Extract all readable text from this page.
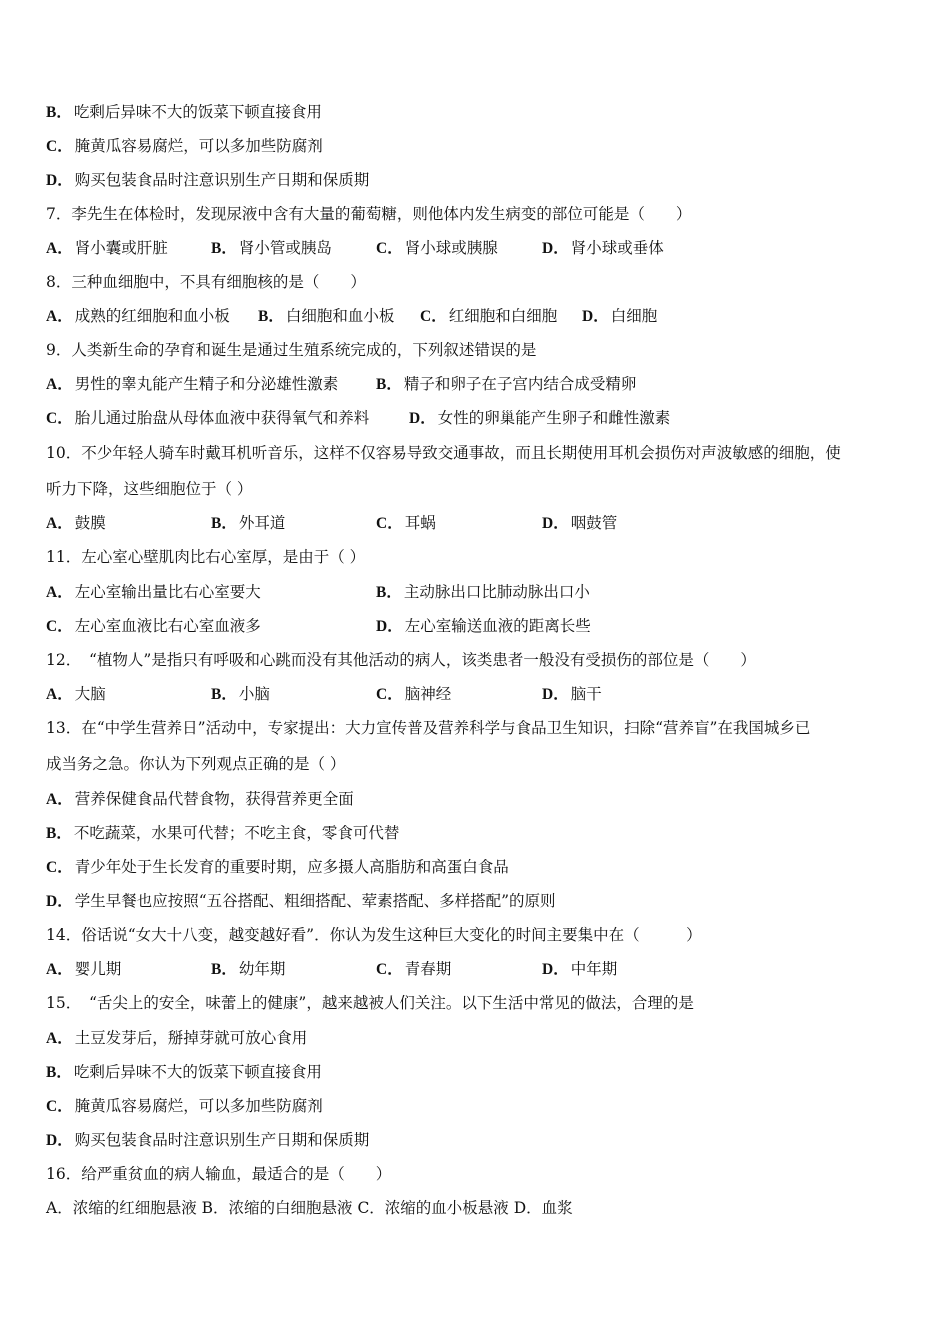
B． 吃剩后异味不大的饭菜下顿直接食用
C． 腌黄瓜容易腐烂，可以多加些防腐剂
D． 购买包装食品时注意识别生产日期和保质期
7．李先生在体检时，发现尿液中含有大量的葡萄糖，则他体内发生病变的部位可能是（　　）
A． 肾小囊或肝脏	B． 肾小管或胰岛	C． 肾小球或胰腺	D． 肾小球或垂体
8．三种血细胞中，不具有细胞核的是（　　）
A． 成熟的红细胞和血小板 B． 白细胞和血小板 C． 红细胞和白细胞 D． 白细胞
9．人类新生命的孕育和诞生是通过生殖系统完成的，下列叙述错误的是
A． 男性的睾丸能产生精子和分泌雄性激素 B． 精子和卵子在子宫内结合成受精卵
C． 胎儿通过胎盘从母体血液中获得氧气和养料	D． 女性的卵巢能产生卵子和雌性激素
10．不少年轻人骑车时戴耳机听音乐，这样不仅容易导致交通事故，而且长期使用耳机会损伤对声波敏感的细胞，使
听力下降，这些细胞位于（ ）
A． 鼓膜	B． 外耳道	C． 耳蜗	D． 咽鼓管
11．左心室心壁肌肉比右心室厚，是由于（ ）
A． 左心室输出量比右心室要大	B． 主动脉出口比肺动脉出口小
C． 左心室血液比右心室血液多	D． 左心室输送血液的距离长些
12．　“植物人”是指只有呼吸和心跳而没有其他活动的病人，该类患者一般没有受损伤的部位是（　　）
A． 大脑	B． 小脑	C． 脑神经	D． 脑干
13．在“中学生营养日”活动中，专家提出：大力宣传普及营养科学与食品卫生知识，扫除“营养盲”在我国城乡已
成当务之急。你认为下列观点正确的是（ ）
A． 营养保健食品代替食物，获得营养更全面
B． 不吃蔬菜，水果可代替；不吃主食，零食可代替
C． 青少年处于生长发育的重要时期，应多摄人高脂肪和高蛋白食品
D． 学生早餐也应按照“五谷搭配、粗细搭配、荤素搭配、多样搭配”的原则
14．俗话说“女大十八变，越变越好看”．你认为发生这种巨大变化的时间主要集中在（　　　）
A． 婴儿期	B． 幼年期	C． 青春期	D． 中年期
15．　“舌尖上的安全，味蕾上的健康”，越来越被人们关注。以下生活中常见的做法，合理的是
A． 土豆发芽后，掰掉芽就可放心食用
B． 吃剩后异味不大的饭菜下顿直接食用
C． 腌黄瓜容易腐烂，可以多加些防腐剂
D． 购买包装食品时注意识别生产日期和保质期
16．给严重贫血的病人输血，最适合的是（　　）
A．浓缩的红细胞悬液 B．浓缩的白细胞悬液 C．浓缩的血小板悬液 D．血浆
